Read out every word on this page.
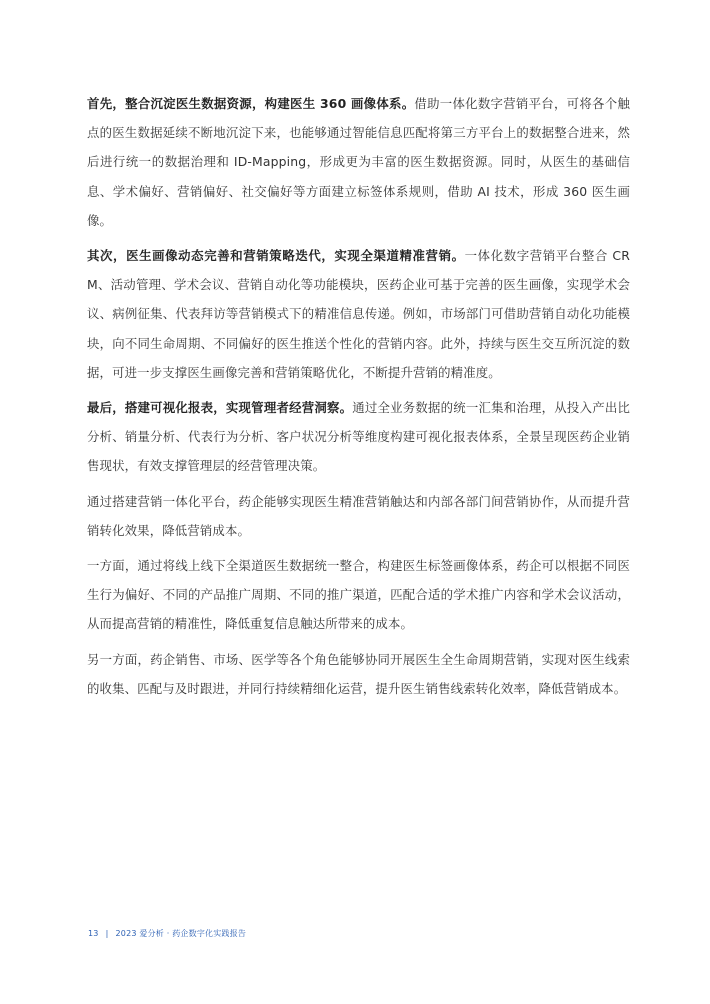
首先，整合沉淀医生数据资源，构建医生 360 画像体系。借助一体化数字营销平台，可将各个触点的医生数据延续不断地沉淀下来，也能够通过智能信息匹配将第三方平台上的数据整合进来，然后进行统一的数据治理和 ID-Mapping，形成更为丰富的医生数据资源。同时，从医生的基础信息、学术偏好、营销偏好、社交偏好等方面建立标签体系规则，借助 AI 技术，形成 360 医生画像。

其次，医生画像动态完善和营销策略迭代，实现全渠道精准营销。一体化数字营销平台整合 CRM、活动管理、学术会议、营销自动化等功能模块，医药企业可基于完善的医生画像，实现学术会议、病例征集、代表拜访等营销模式下的精准信息传递。例如，市场部门可借助营销自动化功能模块，向不同生命周期、不同偏好的医生推送个性化的营销内容。此外，持续与医生交互所沉淀的数据，可进一步支撑医生画像完善和营销策略优化，不断提升营销的精准度。

最后，搭建可视化报表，实现管理者经营洞察。通过全业务数据的统一汇集和治理，从投入产出比分析、销量分析、代表行为分析、客户状况分析等维度构建可视化报表体系，全景呈现医药企业销售现状，有效支撑管理层的经营管理决策。

通过搭建营销一体化平台，药企能够实现医生精准营销触达和内部各部门间营销协作，从而提升营销转化效果，降低营销成本。

一方面，通过将线上线下全渠道医生数据统一整合，构建医生标签画像体系，药企可以根据不同医生行为偏好、不同的产品推广周期、不同的推广渠道，匹配合适的学术推广内容和学术会议活动，从而提高营销的精准性，降低重复信息触达所带来的成本。

另一方面，药企销售、市场、医学等各个角色能够协同开展医生全生命周期营销，实现对医生线索的收集、匹配与及时跟进，并同行持续精细化运营，提升医生销售线索转化效率，降低营销成本。

13 | 2023 爱分析 · 药企数字化实践报告
